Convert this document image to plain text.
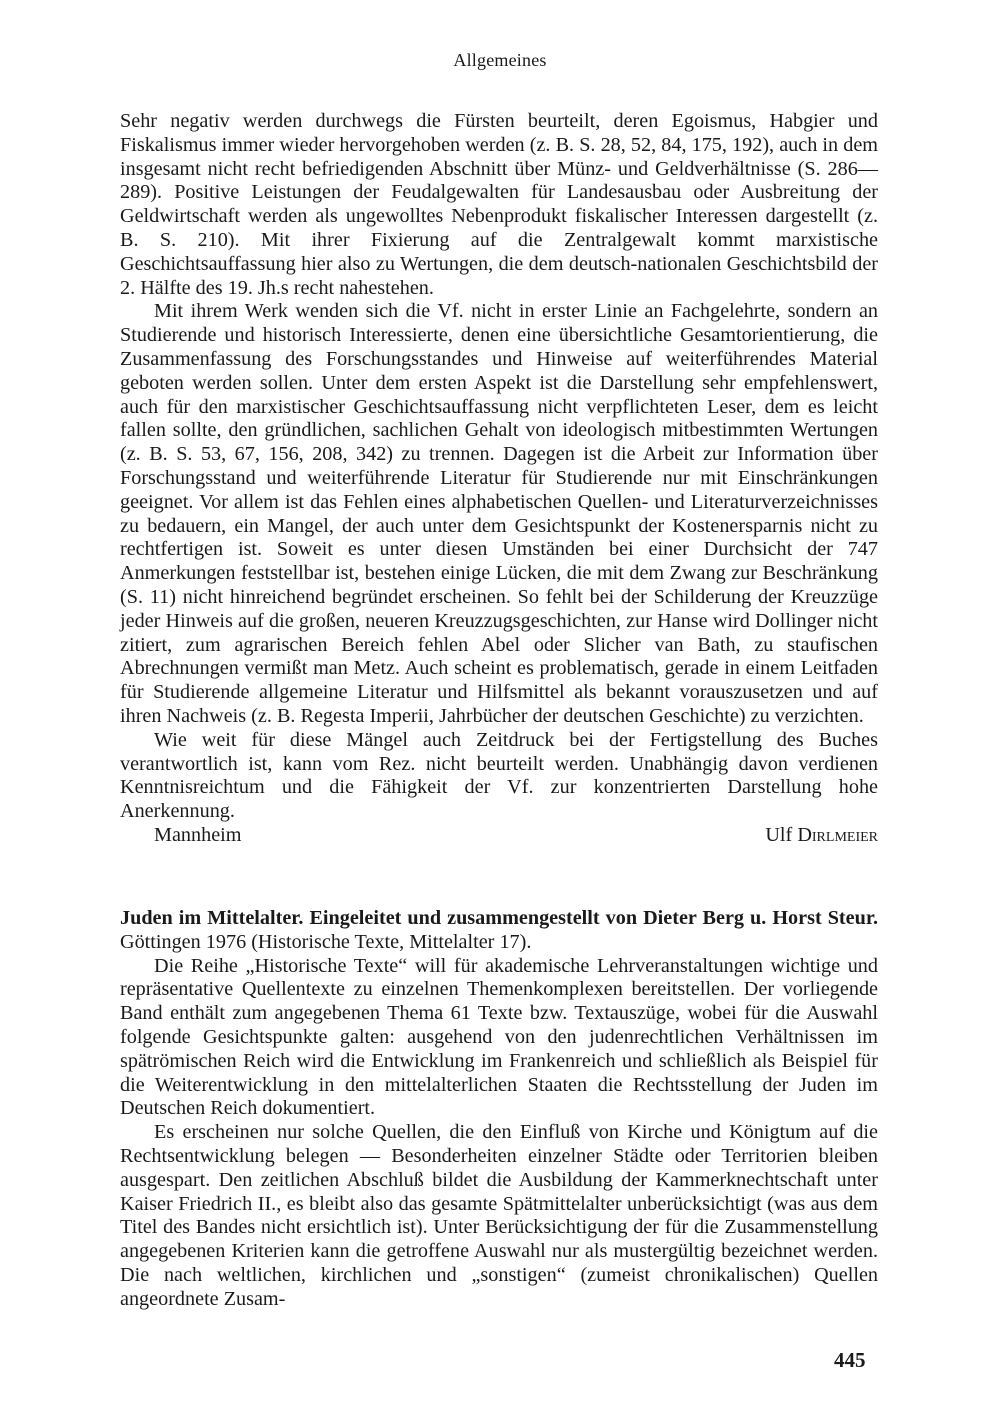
Allgemeines

Sehr negativ werden durchwegs die Fürsten beurteilt, deren Egoismus, Habgier und Fiskalismus immer wieder hervorgehoben werden (z. B. S. 28, 52, 84, 175, 192), auch in dem insgesamt nicht recht befriedigenden Abschnitt über Münz- und Geldverhältnisse (S. 286—289). Positive Leistungen der Feudalgewalten für Landesausbau oder Ausbreitung der Geldwirtschaft werden als ungewolltes Nebenprodukt fiskalischer Interessen dargestellt (z. B. S. 210). Mit ihrer Fixierung auf die Zentralgewalt kommt marxistische Geschichtsauffassung hier also zu Wertungen, die dem deutsch-nationalen Geschichtsbild der 2. Hälfte des 19. Jh.s recht nahestehen.

Mit ihrem Werk wenden sich die Vf. nicht in erster Linie an Fachgelehrte, sondern an Studierende und historisch Interessierte, denen eine übersichtliche Gesamtorientierung, die Zusammenfassung des Forschungsstandes und Hinweise auf weiterführendes Material geboten werden sollen. Unter dem ersten Aspekt ist die Darstellung sehr empfehlenswert, auch für den marxistischer Geschichtsauffassung nicht verpflichteten Leser, dem es leicht fallen sollte, den gründlichen, sachlichen Gehalt von ideologisch mitbestimmten Wertungen (z. B. S. 53, 67, 156, 208, 342) zu trennen. Dagegen ist die Arbeit zur Information über Forschungsstand und weiterführende Literatur für Studierende nur mit Einschränkungen geeignet. Vor allem ist das Fehlen eines alphabetischen Quellen- und Literaturverzeichnisses zu bedauern, ein Mangel, der auch unter dem Gesichtspunkt der Kostenersparnis nicht zu rechtfertigen ist. Soweit es unter diesen Umständen bei einer Durchsicht der 747 Anmerkungen feststellbar ist, bestehen einige Lücken, die mit dem Zwang zur Beschränkung (S. 11) nicht hinreichend begründet erscheinen. So fehlt bei der Schilderung der Kreuzzüge jeder Hinweis auf die großen, neueren Kreuzzugsgeschichten, zur Hanse wird Dollinger nicht zitiert, zum agrarischen Bereich fehlen Abel oder Slicher van Bath, zu staufischen Abrechnungen vermißt man Metz. Auch scheint es problematisch, gerade in einem Leitfaden für Studierende allgemeine Literatur und Hilfsmittel als bekannt vorauszusetzen und auf ihren Nachweis (z. B. Regesta Imperii, Jahrbücher der deutschen Geschichte) zu verzichten.

Wie weit für diese Mängel auch Zeitdruck bei der Fertigstellung des Buches verantwortlich ist, kann vom Rez. nicht beurteilt werden. Unabhängig davon verdienen Kenntnisreichtum und die Fähigkeit der Vf. zur konzentrierten Darstellung hohe Anerkennung.

Mannheim	Ulf Dirlmeier

Juden im Mittelalter. Eingeleitet und zusammengestellt von Dieter Berg u. Horst Steur. Göttingen 1976 (Historische Texte, Mittelalter 17).

Die Reihe „Historische Texte“ will für akademische Lehrveranstaltungen wichtige und repräsentative Quellentexte zu einzelnen Themenkomplexen bereitstellen. Der vorliegende Band enthält zum angegebenen Thema 61 Texte bzw. Textauszüge, wobei für die Auswahl folgende Gesichtspunkte galten: ausgehend von den judenrechtlichen Verhältnissen im spätrömischen Reich wird die Entwicklung im Frankenreich und schließlich als Beispiel für die Weiterentwicklung in den mittelalterlichen Staaten die Rechtsstellung der Juden im Deutschen Reich dokumentiert.

Es erscheinen nur solche Quellen, die den Einfluß von Kirche und Königtum auf die Rechtsentwicklung belegen — Besonderheiten einzelner Städte oder Territorien bleiben ausgespart. Den zeitlichen Abschluß bildet die Ausbildung der Kammerknechtschaft unter Kaiser Friedrich II., es bleibt also das gesamte Spätmittelalter unberücksichtigt (was aus dem Titel des Bandes nicht ersichtlich ist). Unter Berücksichtigung der für die Zusammenstellung angegebenen Kriterien kann die getroffene Auswahl nur als mustergültig bezeichnet werden. Die nach weltlichen, kirchlichen und „sonstigen“ (zumeist chronikalischen) Quellen angeordnete Zusam-

445
